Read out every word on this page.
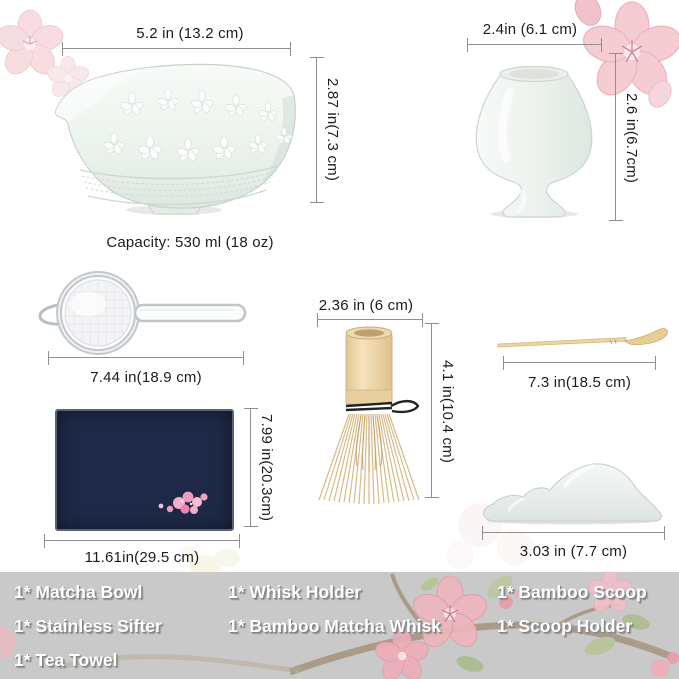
5.2 in (13.2 cm)
2.87 in(7.3 cm)
Capacity: 530 ml (18 oz)
2.4in (6.1 cm)
2.6 in(6.7cm)
7.44 in(18.9 cm)
2.36 in (6 cm)
4.1 in(10.4 cm)	7.3 in(18.5 cm)
7.99 in(20.3cm)
11.61in(29.5 cm)	3.03 in (7.7 cm)
1* Matcha Bowl
1* Stainless Sifter
1* Tea Towel
1* Whisk Holder
1* Bamboo Matcha Whisk
1* Bamboo Scoop
1* Scoop Holder
